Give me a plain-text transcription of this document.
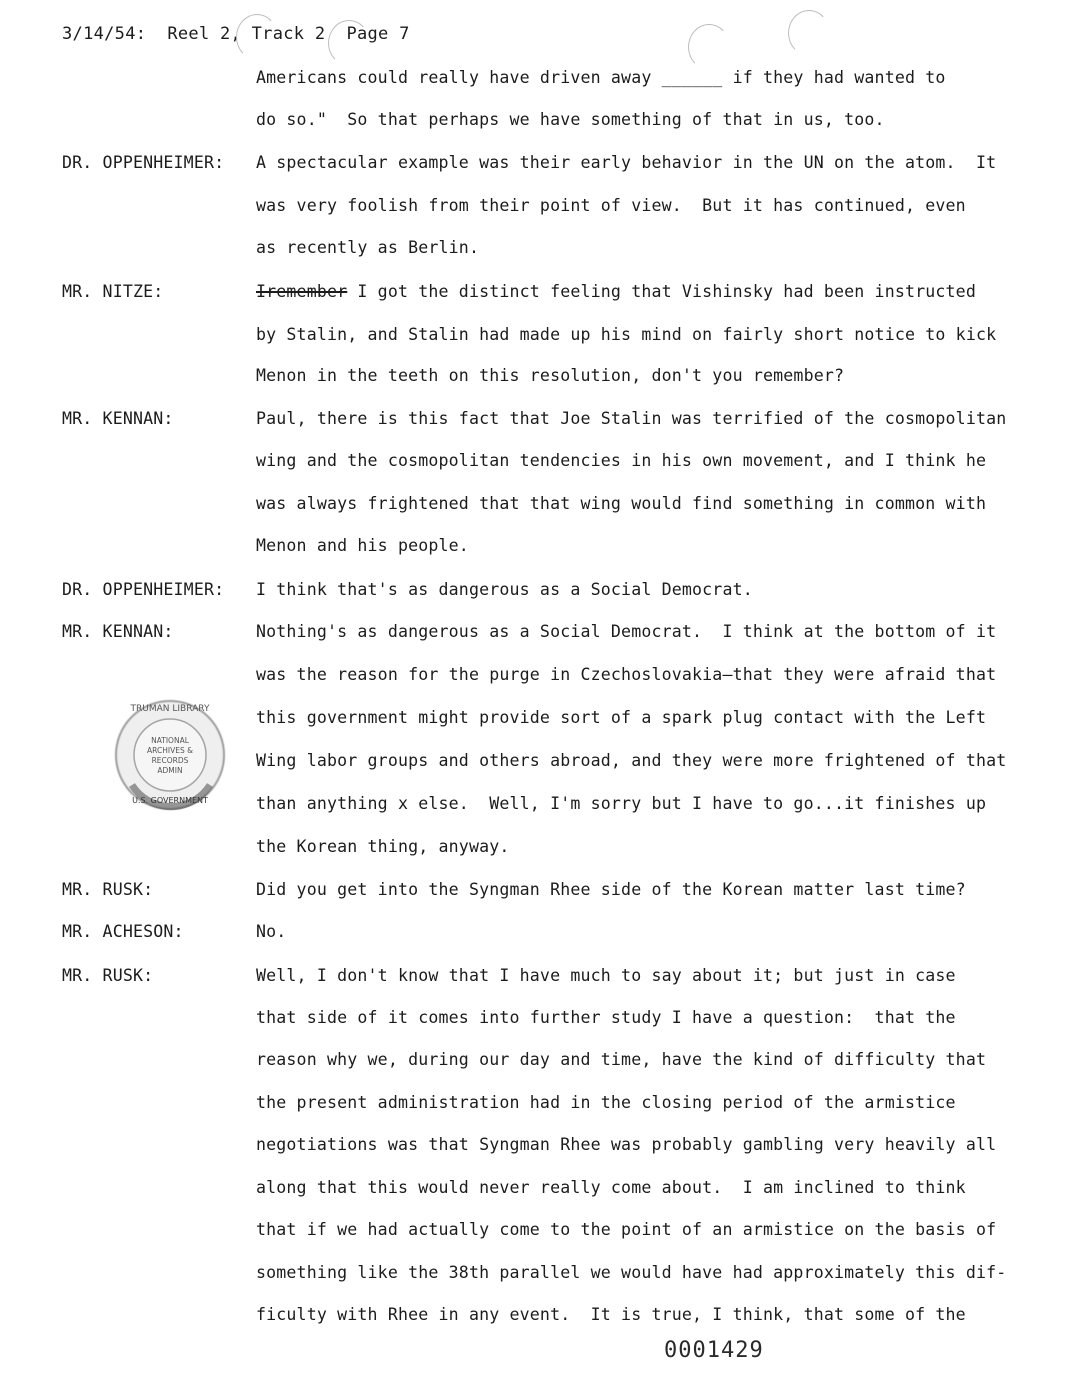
3/14/54:  Reel 2, Track 2  Page 7
Americans could really have driven away ______ if they had wanted to
do so."  So that perhaps we have something of that in us, too.
DR. OPPENHEIMER: A spectacular example was their early behavior in the UN on the atom.  It
was very foolish from their point of view.  But it has continued, even
as recently as Berlin.
MR. NITZE:	Iremember I got the distinct feeling that Vishinsky had been instructed
by Stalin, and Stalin had made up his mind on fairly short notice to kick
Menon in the teeth on this resolution, don't you remember?
MR. KENNAN:	Paul, there is this fact that Joe Stalin was terrified of the cosmopolitan
wing and the cosmopolitan tendencies in his own movement, and I think he
was always frightened that that wing would find something in common with
Menon and his people.
DR. OPPENHEIMER: I think that's as dangerous as a Social Democrat.
MR. KENNAN:	Nothing's as dangerous as a Social Democrat.  I think at the bottom of it
was the reason for the purge in Czechoslovakia—that they were afraid that
this government might provide sort of a spark plug contact with the Left
Wing labor groups and others abroad, and they were more frightened of that
than anything x else.  Well, I'm sorry but I have to go...it finishes up
the Korean thing, anyway.
MR. RUSK:	Did you get into the Syngman Rhee side of the Korean matter last time?
MR. ACHESON:	No.
MR. RUSK:	Well, I don't know that I have much to say about it; but just in case
that side of it comes into further study I have a question:  that the
reason why we, during our day and time, have the kind of difficulty that
the present administration had in the closing period of the armistice
negotiations was that Syngman Rhee was probably gambling very heavily all
along that this would never really come about.  I am inclined to think
that if we had actually come to the point of an armistice on the basis of
something like the 38th parallel we would have had approximately this dif-
ficulty with Rhee in any event.  It is true, I think, that some of the
TRUMAN LIBRARY
NATIONAL
ARCHIVES &
RECORDS
ADMIN
U.S. GOVERNMENT
0001429
